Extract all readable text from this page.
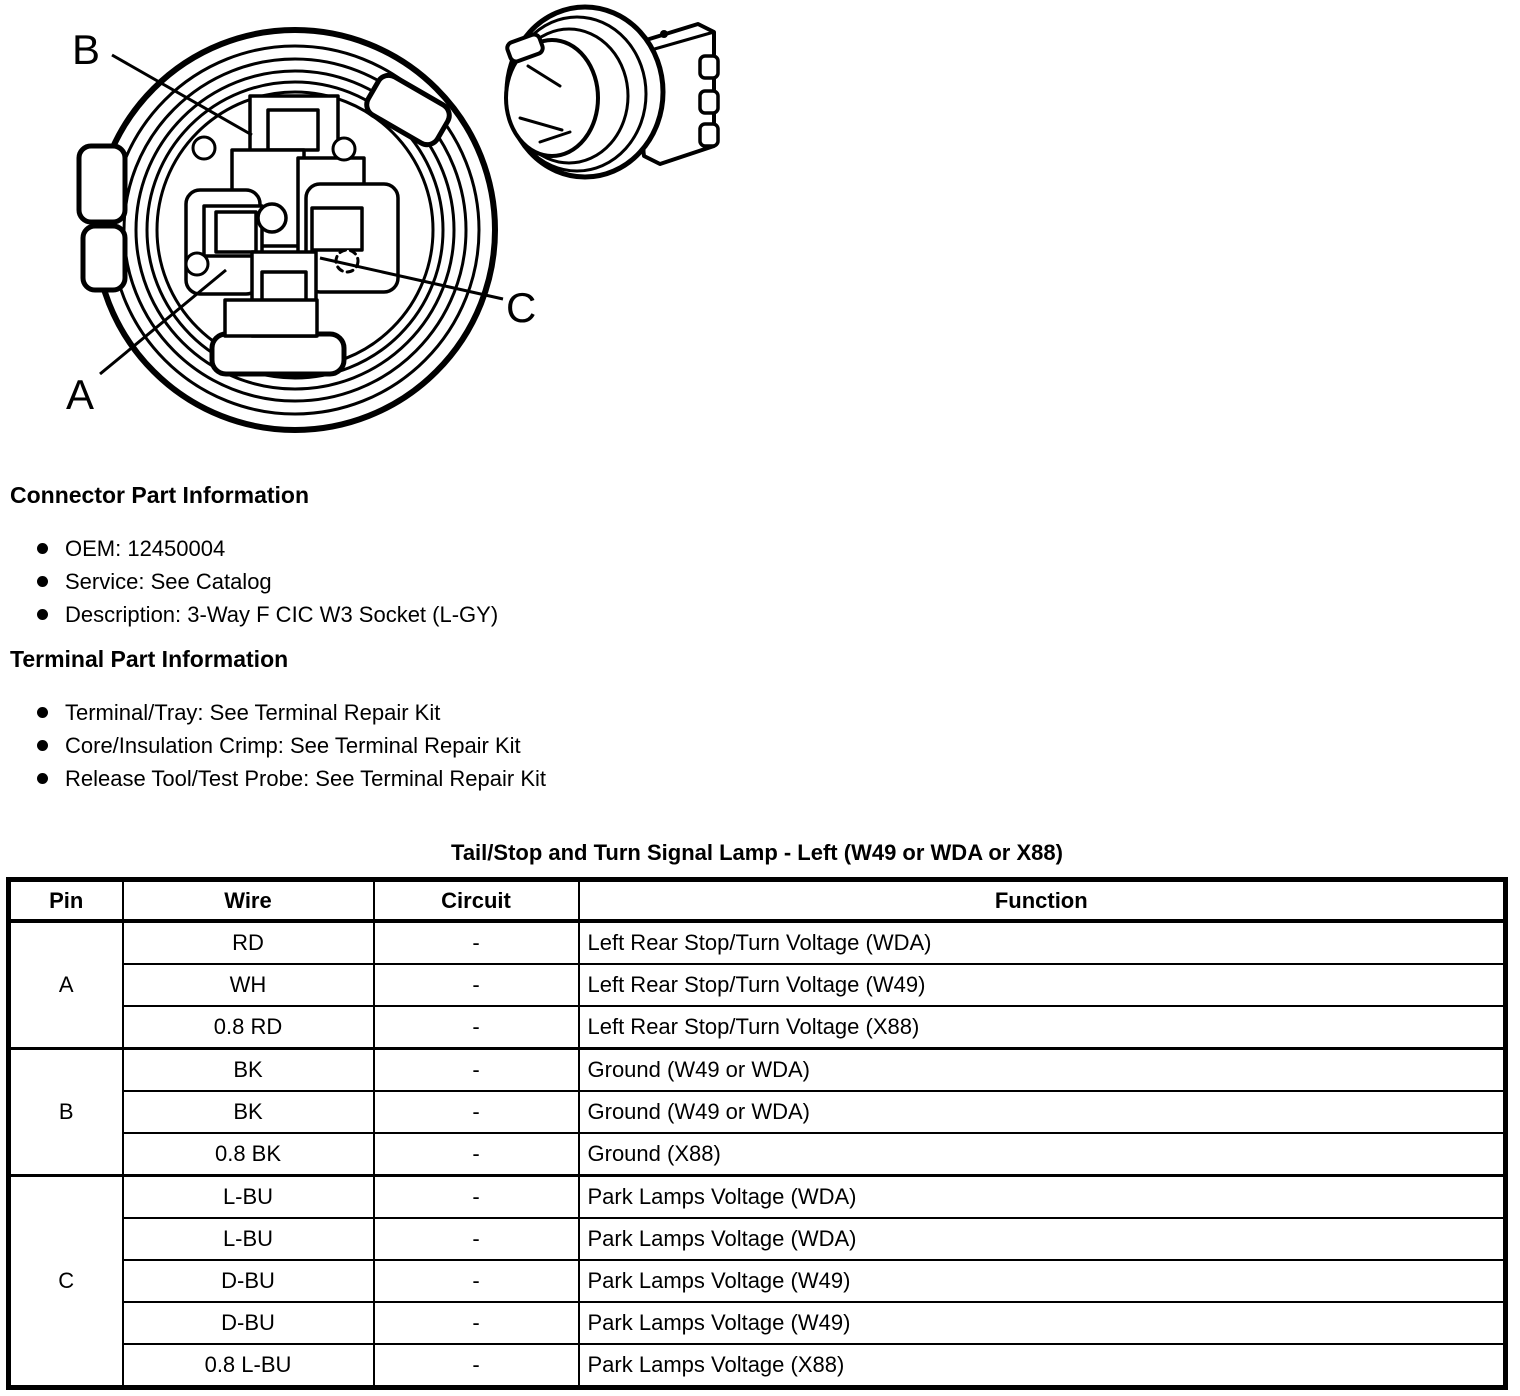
B
A
C
Connector Part Information
OEM: 12450004
Service: See Catalog
Description: 3-Way F CIC W3 Socket (L-GY)
Terminal Part Information
Terminal/Tray: See Terminal Repair Kit
Core/Insulation Crimp: See Terminal Repair Kit
Release Tool/Test Probe: See Terminal Repair Kit
Tail/Stop and Turn Signal Lamp - Left (W49 or WDA or X88)
Pin	Wire	Circuit	Function
A	RD	-	Left Rear Stop/Turn Voltage (WDA)
	WH	-	Left Rear Stop/Turn Voltage (W49)
	0.8 RD	-	Left Rear Stop/Turn Voltage (X88)
B	BK	-	Ground (W49 or WDA)
	BK	-	Ground (W49 or WDA)
	0.8 BK	-	Ground (X88)
C	L-BU	-	Park Lamps Voltage (WDA)
	L-BU	-	Park Lamps Voltage (WDA)
	D-BU	-	Park Lamps Voltage (W49)
	D-BU	-	Park Lamps Voltage (W49)
	0.8 L-BU	-	Park Lamps Voltage (X88)
